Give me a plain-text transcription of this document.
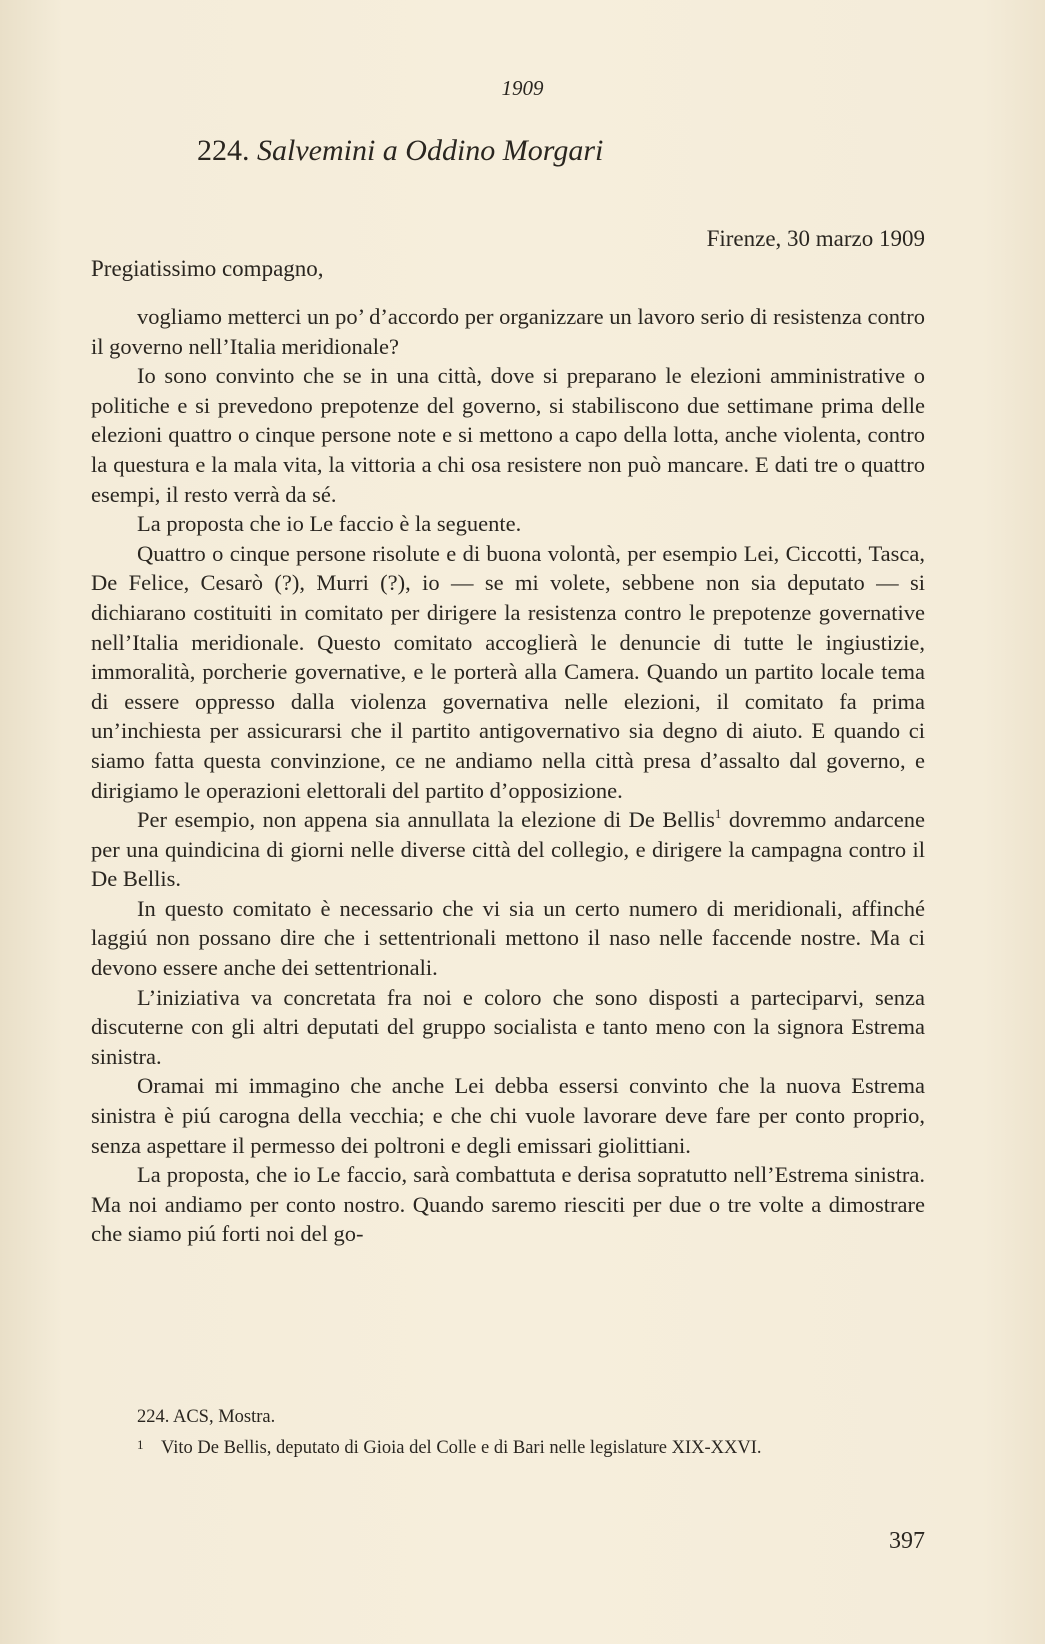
1909
224. Salvemini a Oddino Morgari
Firenze, 30 marzo 1909
Pregiatissimo compagno,

vogliamo metterci un po’ d’accordo per organizzare un lavoro serio di resistenza contro il governo nell’Italia meridionale?

Io sono convinto che se in una città, dove si preparano le elezioni amministrative o politiche e si prevedono prepotenze del governo, si stabiliscono due settimane prima delle elezioni quattro o cinque persone note e si mettono a capo della lotta, anche violenta, contro la questura e la mala vita, la vittoria a chi osa resistere non può mancare. E dati tre o quattro esempi, il resto verrà da sé.

La proposta che io Le faccio è la seguente.

Quattro o cinque persone risolute e di buona volontà, per esempio Lei, Ciccotti, Tasca, De Felice, Cesarò (?), Murri (?), io — se mi volete, sebbene non sia deputato — si dichiarano costituiti in comitato per dirigere la resistenza contro le prepotenze governative nell’Italia meridionale. Questo comitato accoglierà le denuncie di tutte le ingiustizie, immoralità, porcherie governative, e le porterà alla Camera. Quando un partito locale tema di essere oppresso dalla violenza governativa nelle elezioni, il comitato fa prima un’inchiesta per assicurarsi che il partito antigovernativo sia degno di aiuto. E quando ci siamo fatta questa convinzione, ce ne andiamo nella città presa d’assalto dal governo, e dirigiamo le operazioni elettorali del partito d’opposizione.

Per esempio, non appena sia annullata la elezione di De Bellis$^1$ dovremmo andarcene per una quindicina di giorni nelle diverse città del collegio, e dirigere la campagna contro il De Bellis.

In questo comitato è necessario che vi sia un certo numero di meridionali, affinché laggiú non possano dire che i settentrionali mettono il naso nelle faccende nostre. Ma ci devono essere anche dei settentrionali.

L’iniziativa va concretata fra noi e coloro che sono disposti a parteciparvi, senza discuterne con gli altri deputati del gruppo socialista e tanto meno con la signora Estrema sinistra.

Oramai mi immagino che anche Lei debba essersi convinto che la nuova Estrema sinistra è piú carogna della vecchia; e che chi vuole lavorare deve fare per conto proprio, senza aspettare il permesso dei poltroni e degli emissari giolittiani.

La proposta, che io Le faccio, sarà combattuta e derisa sopratutto nell’Estrema sinistra. Ma noi andiamo per conto nostro. Quando saremo riesciti per due o tre volte a dimostrare che siamo piú forti noi del go-

224. ACS, Mostra.
1 Vito De Bellis, deputato di Gioia del Colle e di Bari nelle legislature XIX-XXVI.
397
